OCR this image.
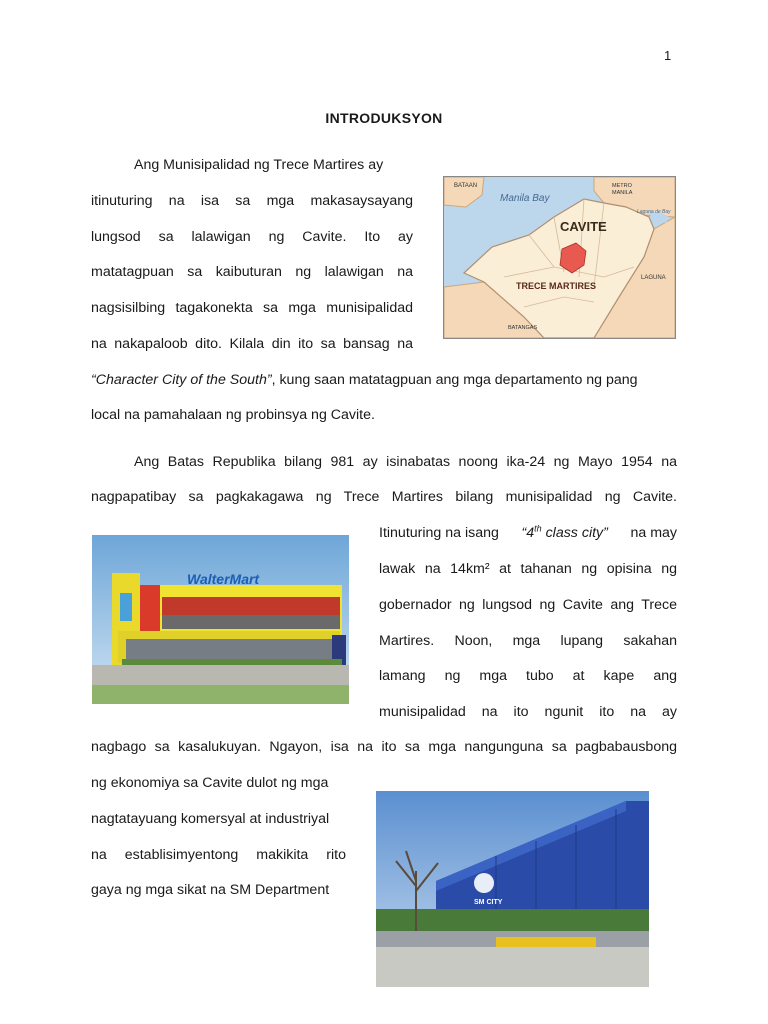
1
INTRODUKSYON
Ang Munisipalidad ng Trece Martires ay
itinuturing na isa sa mga makasaysayang
lungsod sa lalawigan ng Cavite. Ito ay
matatagpuan sa kaibuturan ng lalawigan na
nagsisilbing tagakonekta sa mga munisipalidad
na nakapaloob dito. Kilala din ito sa bansag na
“Character City of the South”, kung saan matatagpuan ang mga departamento ng pang
local na pamahalaan ng probinsya ng Cavite.
Ang Batas Republika bilang 981 ay isinabatas noong ika-24 ng Mayo 1954 na
nagpapatibay sa pagkakagawa ng Trece Martires bilang munisipalidad ng Cavite.
Itinuturing na isang “4th class city” na may
lawak na 14km² at tahanan ng opisina ng
gobernador ng lungsod ng Cavite ang Trece
Martires. Noon, mga lupang sakahan
lamang ng mga tubo at kape ang
munisipalidad na ito ngunit ito na ay
nagbago sa kasalukuyan. Ngayon, isa na ito sa mga nangunguna sa pagbabausbong
ng ekonomiya sa Cavite dulot ng mga
nagtatayuang komersyal at industriyal
na establisimyentong makikita rito
gaya ng mga sikat na SM Department
Manila Bay
CAVITE
TRECE MARTIRES
BATAAN	METRO MANILA
Laguna de Bay
LAGUNA
BATANGAS
WalterMart
SM CITY
